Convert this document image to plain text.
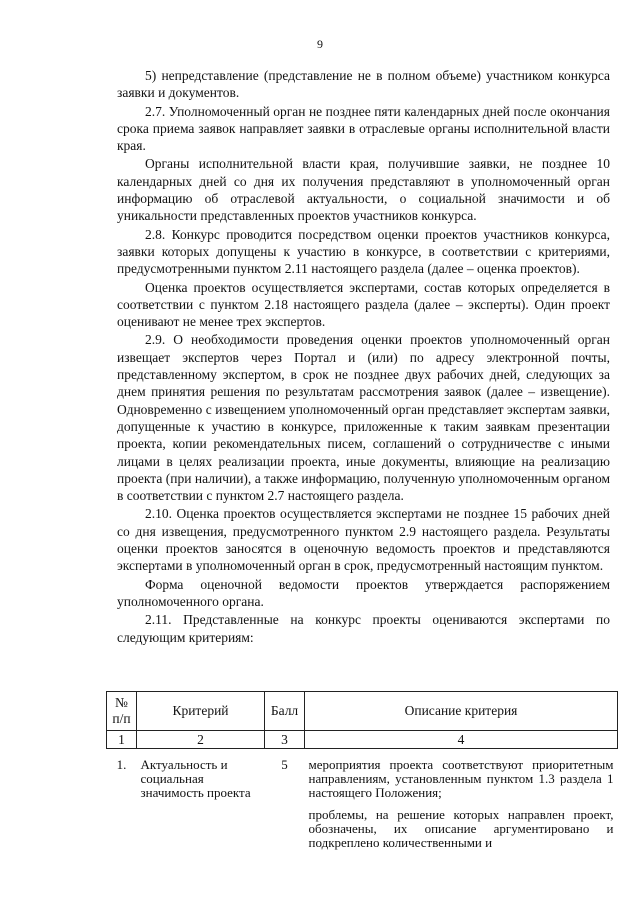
9

5) непредставление (представление не в полном объеме) участником конкурса заявки и документов.

2.7. Уполномоченный орган не позднее пяти календарных дней после окончания срока приема заявок направляет заявки в отраслевые органы исполнительной власти края.

Органы исполнительной власти края, получившие заявки, не позднее 10 календарных дней со дня их получения представляют в уполномоченный орган информацию об отраслевой актуальности, о социальной значимости и об уникальности представленных проектов участников конкурса.

2.8. Конкурс проводится посредством оценки проектов участников конкурса, заявки которых допущены к участию в конкурсе, в соответствии с критериями, предусмотренными пунктом 2.11 настоящего раздела (далее – оценка проектов).

Оценка проектов осуществляется экспертами, состав которых определяется в соответствии с пунктом 2.18 настоящего раздела (далее – эксперты). Один проект оценивают не менее трех экспертов.

2.9. О необходимости проведения оценки проектов уполномоченный орган извещает экспертов через Портал и (или) по адресу электронной почты, представленному экспертом, в срок не позднее двух рабочих дней, следующих за днем принятия решения по результатам рассмотрения заявок (далее – извещение). Одновременно с извещением уполномоченный орган представляет экспертам заявки, допущенные к участию в конкурсе, приложенные к таким заявкам презентации проекта, копии рекомендательных писем, соглашений о сотрудничестве с иными лицами в целях реализации проекта, иные документы, влияющие на реализацию проекта (при наличии), а также информацию, полученную уполномоченным органом в соответствии с пунктом 2.7 настоящего раздела.

2.10. Оценка проектов осуществляется экспертами не позднее 15 рабочих дней со дня извещения, предусмотренного пунктом 2.9 настоящего раздела. Результаты оценки проектов заносятся в оценочную ведомость проектов и представляются экспертами в уполномоченный орган в срок, предусмотренный настоящим пунктом.

Форма оценочной ведомости проектов утверждается распоряжением уполномоченного органа.

2.11. Представленные на конкурс проекты оцениваются экспертами по следующим критериям:

№ п/п	Критерий	Балл	Описание критерия
1	2	3	4

1.	Актуальность и социальная значимость проекта	5	мероприятия проекта соответствуют приоритетным направлениям, установленным пунктом 1.3 раздела 1 настоящего Положения;

проблемы, на решение которых направлен проект, обозначены, их описание аргументировано и подкреплено количественными и
